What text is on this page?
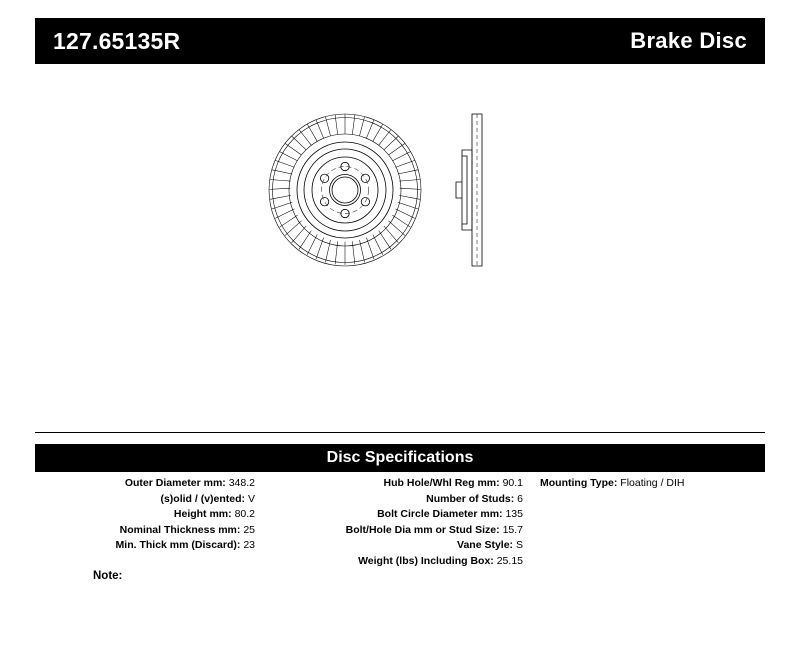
127.65135R	Brake Disc
Disc Specifications
Outer Diameter mm: 348.2
(s)olid / (v)ented: V
Height mm: 80.2
Nominal Thickness mm: 25
Min. Thick mm (Discard): 23
Hub Hole/Whl Reg mm: 90.1
Number of Studs: 6
Bolt Circle Diameter mm: 135
Bolt/Hole Dia mm or Stud Size: 15.7
Vane Style: S
Weight (lbs) Including Box: 25.15
Mounting Type: Floating / DIH
Note:
